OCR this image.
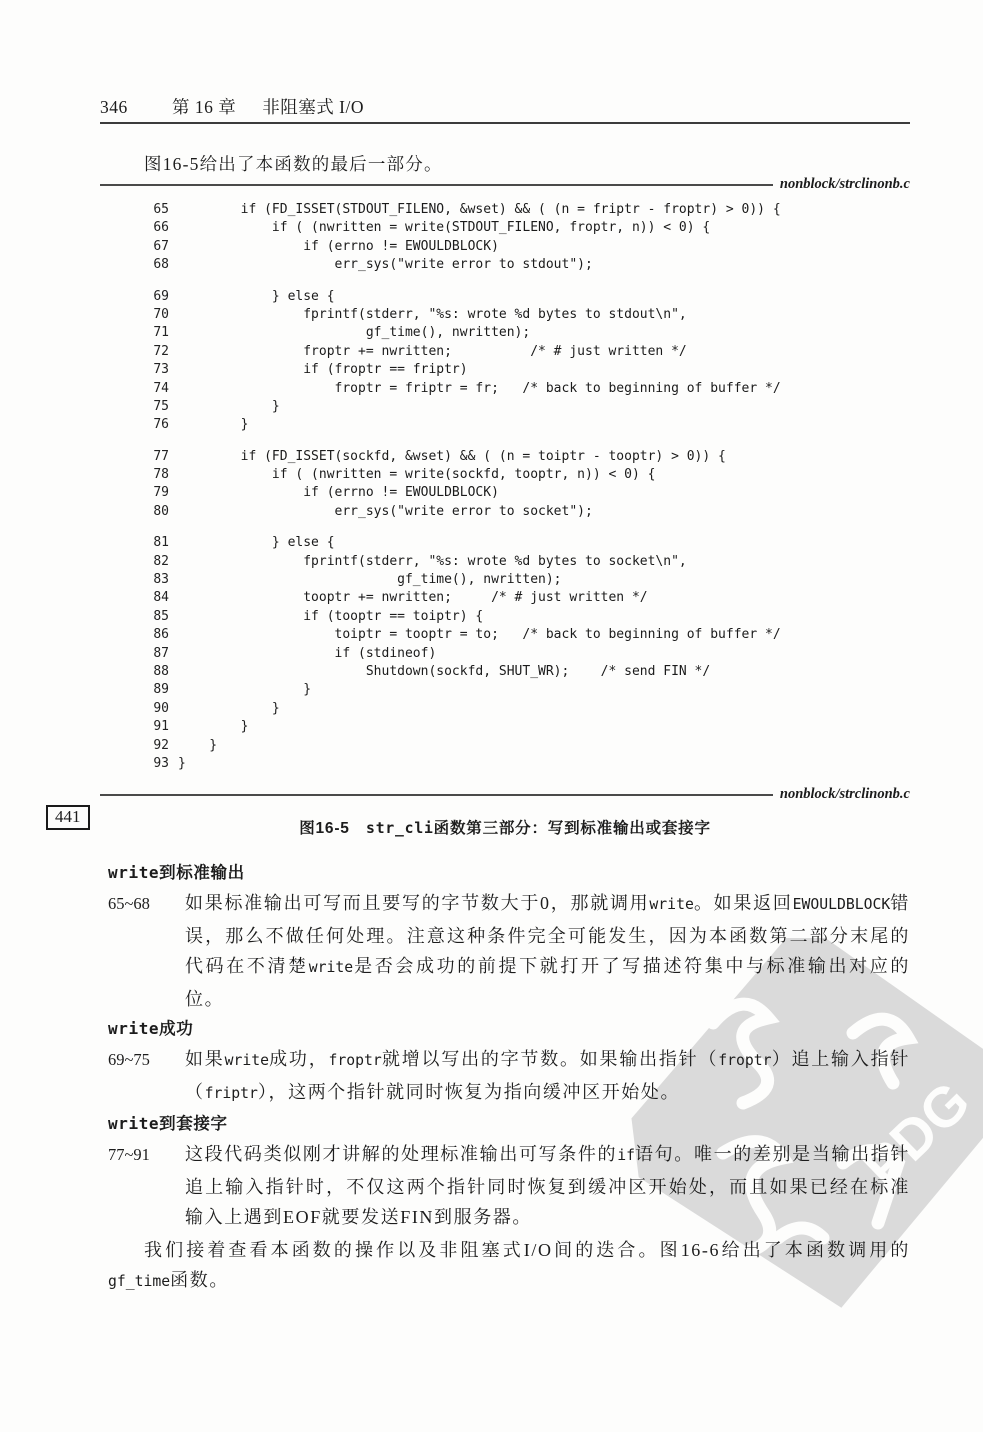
PDG
346	第 16 章 非阻塞式 I/O
图16-5给出了本函数的最后一部分。
nonblock/strclinonb.c
65 if (FD_ISSET(STDOUT_FILENO, &wset) && ( (n = friptr - froptr) > 0)) {
66 if ( (nwritten = write(STDOUT_FILENO, froptr, n)) < 0) {
67 if (errno != EWOULDBLOCK)
68 err_sys("write error to stdout");
69 } else {
70 fprintf(stderr, "%s: wrote %d bytes to stdout\n",
71 gf_time(), nwritten);
72 froptr += nwritten;          /* # just written */
73 if (froptr == friptr)
74 froptr = friptr = fr;   /* back to beginning of buffer */
75 }
76 }
77 if (FD_ISSET(sockfd, &wset) && ( (n = toiptr - tooptr) > 0)) {
78 if ( (nwritten = write(sockfd, tooptr, n)) < 0) {
79 if (errno != EWOULDBLOCK)
80 err_sys("write error to socket");
81 } else {
82 fprintf(stderr, "%s: wrote %d bytes to socket\n",
83 gf_time(), nwritten);
84 tooptr += nwritten;     /* # just written */
85 if (tooptr == toiptr) {
86 toiptr = tooptr = to;   /* back to beginning of buffer */
87 if (stdineof)
88 Shutdown(sockfd, SHUT_WR);    /* send FIN */
89 }
90 }
91 }
92 }
93 }
nonblock/strclinonb.c
441
图16-5　str_cli函数第三部分：写到标准输出或套接字
write到标准输出
65~68	如果标准输出可写而且要写的字节数大于0，那就调用write。如果返回EWOULDBLOCK错误，那么不做任何处理。注意这种条件完全可能发生，因为本函数第二部分末尾的代码在不清楚write是否会成功的前提下就打开了写描述符集中与标准输出对应的位。
write成功
69~75	如果write成功，froptr就增以写出的字节数。如果输出指针（froptr）追上输入指针（friptr），这两个指针就同时恢复为指向缓冲区开始处。
write到套接字
77~91	这段代码类似刚才讲解的处理标准输出可写条件的if语句。唯一的差别是当输出指针追上输入指针时，不仅这两个指针同时恢复到缓冲区开始处，而且如果已经在标准输入上遇到EOF就要发送FIN到服务器。
我们接着查看本函数的操作以及非阻塞式I/O间的迭合。图16-6给出了本函数调用的gf_time函数。
